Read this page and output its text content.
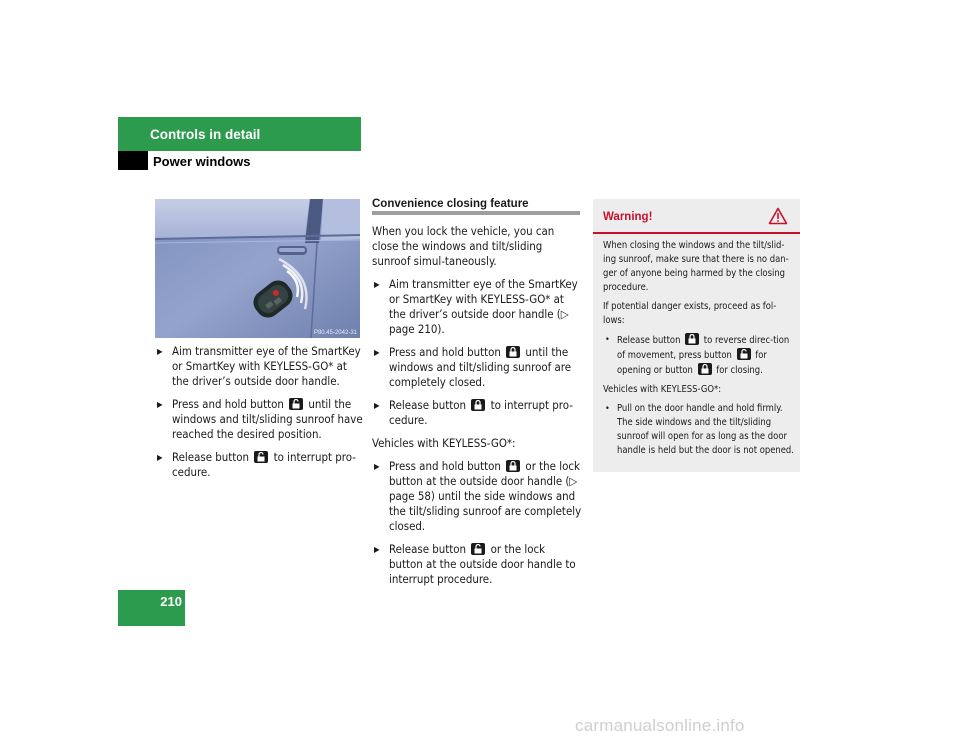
Controls in detail
Power windows
P80.45-2042-31
▶ Aim transmitter eye of the SmartKey or SmartKey with KEYLESS-GO* at the driver’s outside door handle.
▶ Press and hold button until the windows and tilt/sliding sunroof have reached the desired position.
▶ Release button to interrupt pro-cedure.
Convenience closing feature

When you lock the vehicle, you can close the windows and tilt/sliding sunroof simul-taneously.

▶ Aim transmitter eye of the SmartKey or SmartKey with KEYLESS-GO* at the driver’s outside door handle (▷ page 210).
▶ Press and hold button until the windows and tilt/sliding sunroof are completely closed.
▶ Release button to interrupt pro-cedure.

Vehicles with KEYLESS-GO*:

▶ Press and hold button or the lock button at the outside door handle (▷ page 58) until the side windows and the tilt/sliding sunroof are completely closed.
▶ Release button or the lock button at the outside door handle to interrupt procedure.
Warning!

When closing the windows and the tilt/slid-ing sunroof, make sure that there is no dan-ger of anyone being harmed by the closing procedure.

If potential danger exists, proceed as fol-lows:

• Release button to reverse direc-tion of movement, press button for opening or button for closing.

Vehicles with KEYLESS-GO*:

• Pull on the door handle and hold firmly. The side windows and the tilt/sliding sunroof will open for as long as the door handle is held but the door is not opened.
210
carmanualsonline.info
